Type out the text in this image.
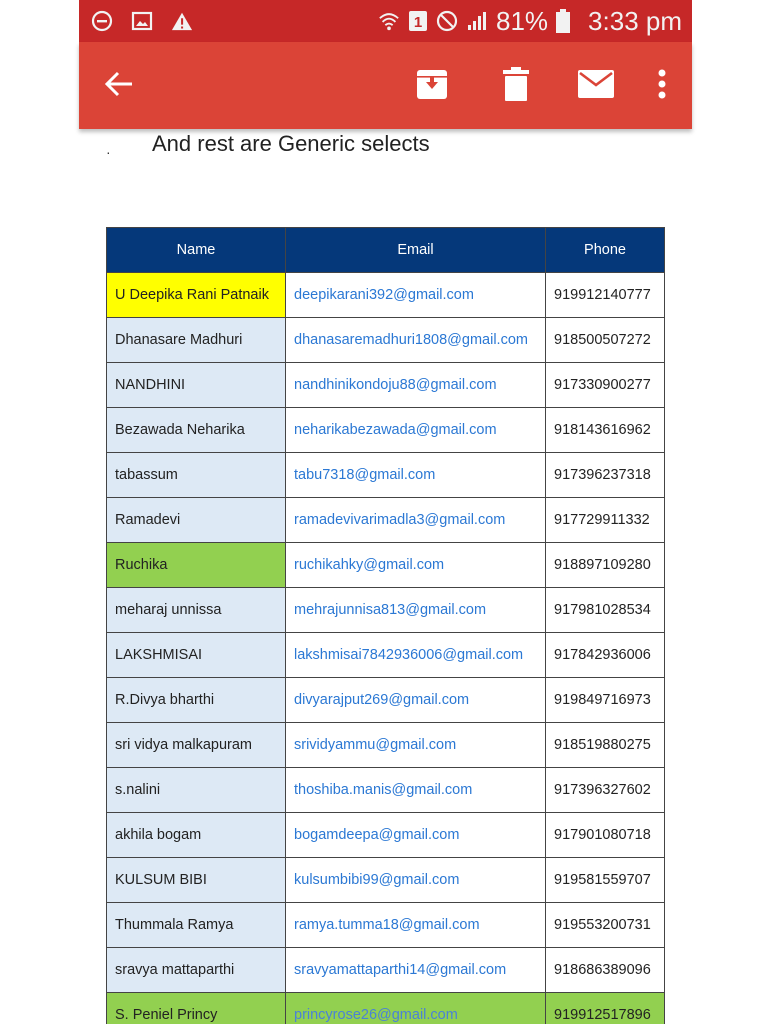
1	81% 3:33 pm
· And rest are Generic selects
Name	Email	Phone
U Deepika Rani Patnaik	deepikarani392@gmail.com	919912140777
Dhanasare Madhuri	dhanasaremadhuri1808@gmail.com	918500507272
NANDHINI	nandhinikondoju88@gmail.com	917330900277
Bezawada Neharika	neharikabezawada@gmail.com	918143616962
tabassum	tabu7318@gmail.com	917396237318
Ramadevi	ramadevivarimadla3@gmail.com	917729911332
Ruchika	ruchikahky@gmail.com	918897109280
meharaj unnissa	mehrajunnisa813@gmail.com	917981028534
LAKSHMISAI	lakshmisai7842936006@gmail.com	917842936006
R.Divya bharthi	divyarajput269@gmail.com	919849716973
sri vidya malkapuram	srividyammu@gmail.com	918519880275
s.nalini	thoshiba.manis@gmail.com	917396327602
akhila bogam	bogamdeepa@gmail.com	917901080718
KULSUM BIBI	kulsumbibi99@gmail.com	919581559707
Thummala Ramya	ramya.tumma18@gmail.com	919553200731
sravya mattaparthi	sravyamattaparthi14@gmail.com	918686389096
S. Peniel Princy	princyrose26@gmail.com	919912517896
